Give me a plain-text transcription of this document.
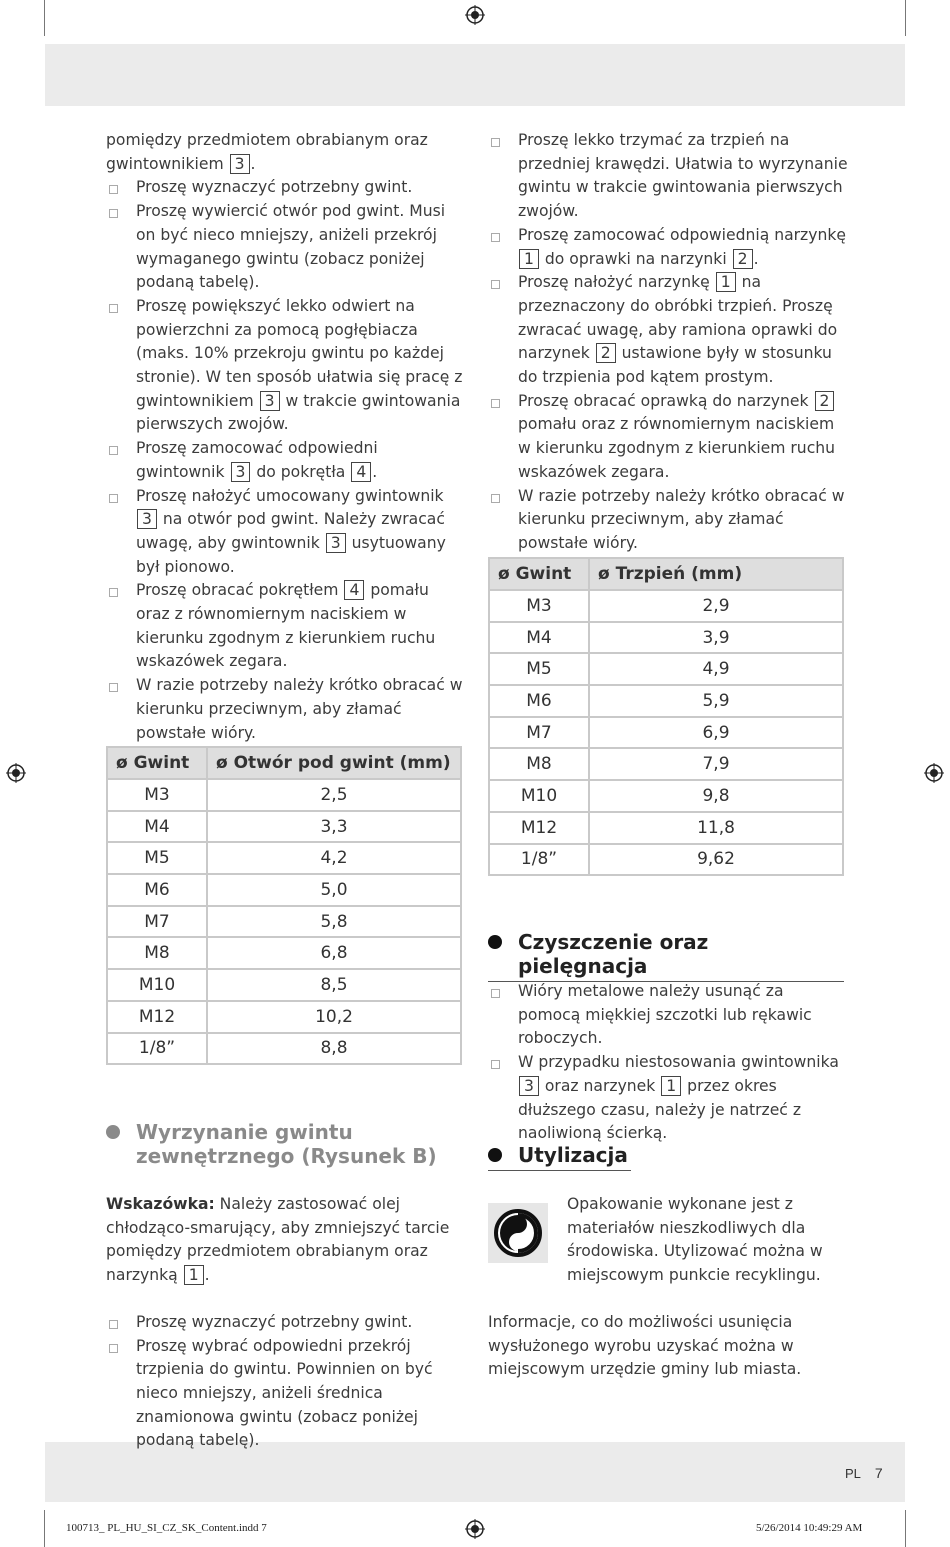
PL 7
100713_ PL_HU_SI_CZ_SK_Content.indd 7	5/26/2014 10:49:29 AM

pomiędzy przedmiotem obrabianym oraz
gwintownikiem 3 .

Proszę wyznaczyć potrzebny gwint.

Proszę wywiercić otwór pod gwint. Musi on być nieco mniejszy, aniżeli przekrój wymaganego gwintu (zobacz poniżej podaną tabelę).

Proszę powiększyć lekko odwiert na powierzchni za pomocą pogłębiacza (maks. 10% przekroju gwintu po każdej stronie). W ten sposób ułatwia się pracę z gwintownikiem 3 w trakcie gwintowania pierwszych zwojów.

Proszę zamocować odpowiedni gwintownik 3 do pokrętła 4 .

Proszę nałożyć umocowany gwintownik 3 na otwór pod gwint. Należy zwracać uwagę, aby gwintownik 3 usytuowany był pionowo.

Proszę obracać pokrętłem 4 pomału oraz z równomiernym naciskiem w kierunku zgodnym z kierunkiem ruchu wskazówek zegara.

W razie potrzeby należy krótko obracać w kierunku przeciwnym, aby złamać powstałe wióry.

ø Gwint	ø Otwór pod gwint (mm)
M3	2,5
M4	3,3
M5	4,2
M6	5,0
M7	5,8
M8	6,8
M10	8,5
M12	10,2
1/8”	8,8
Wyrzynanie gwintu zewnętrznego (Rysunek B)

Wskazówka: Należy zastosować olej chłodząco-smarujący, aby zmniejszyć tarcie pomiędzy przedmiotem obrabianym oraz narzynką 1 .

Proszę wyznaczyć potrzebny gwint.

Proszę wybrać odpowiedni przekrój trzpienia do gwintu. Powinnien on być nieco mniejszy, aniżeli średnica znamionowa gwintu (zobacz poniżej podaną tabelę).

Proszę lekko trzymać za trzpień na przedniej krawędzi. Ułatwia to wyrzynanie gwintu w trakcie gwintowania pierwszych zwojów.

Proszę zamocować odpowiednią narzynkę 1 do oprawki na narzynki 2 .

Proszę nałożyć narzynkę 1 na przeznaczony do obróbki trzpień. Proszę zwracać uwagę, aby ramiona oprawki do narzynek 2 ustawione były w stosunku do trzpienia pod kątem prostym.

Proszę obracać oprawką do narzynek 2 pomału oraz z równomiernym naciskiem w kierunku zgodnym z kierunkiem ruchu wskazówek zegara.

W razie potrzeby należy krótko obracać w kierunku przeciwnym, aby złamać powstałe wióry.

ø Gwint	ø Trzpień (mm)
M3	2,9
M4	3,9
M5	4,9
M6	5,9
M7	6,9
M8	7,9
M10	9,8
M12	11,8
1/8”	9,62
Czyszczenie oraz pielęgnacja

Wióry metalowe należy usunąć za pomocą miękkiej szczotki lub rękawic roboczych.

W przypadku niestosowania gwintownika 3 oraz narzynek 1 przez okres dłuższego czasu, należy je natrzeć z naoliwioną ścierką.

Utylizacja

Opakowanie wykonane jest z materiałów nieszkodliwych dla środowiska. Utylizować można w miejscowym punkcie recyklingu.

Informacje, co do możliwości usunięcia wysłużonego wyrobu uzyskać można w miejscowym urzędzie gminy lub miasta.
